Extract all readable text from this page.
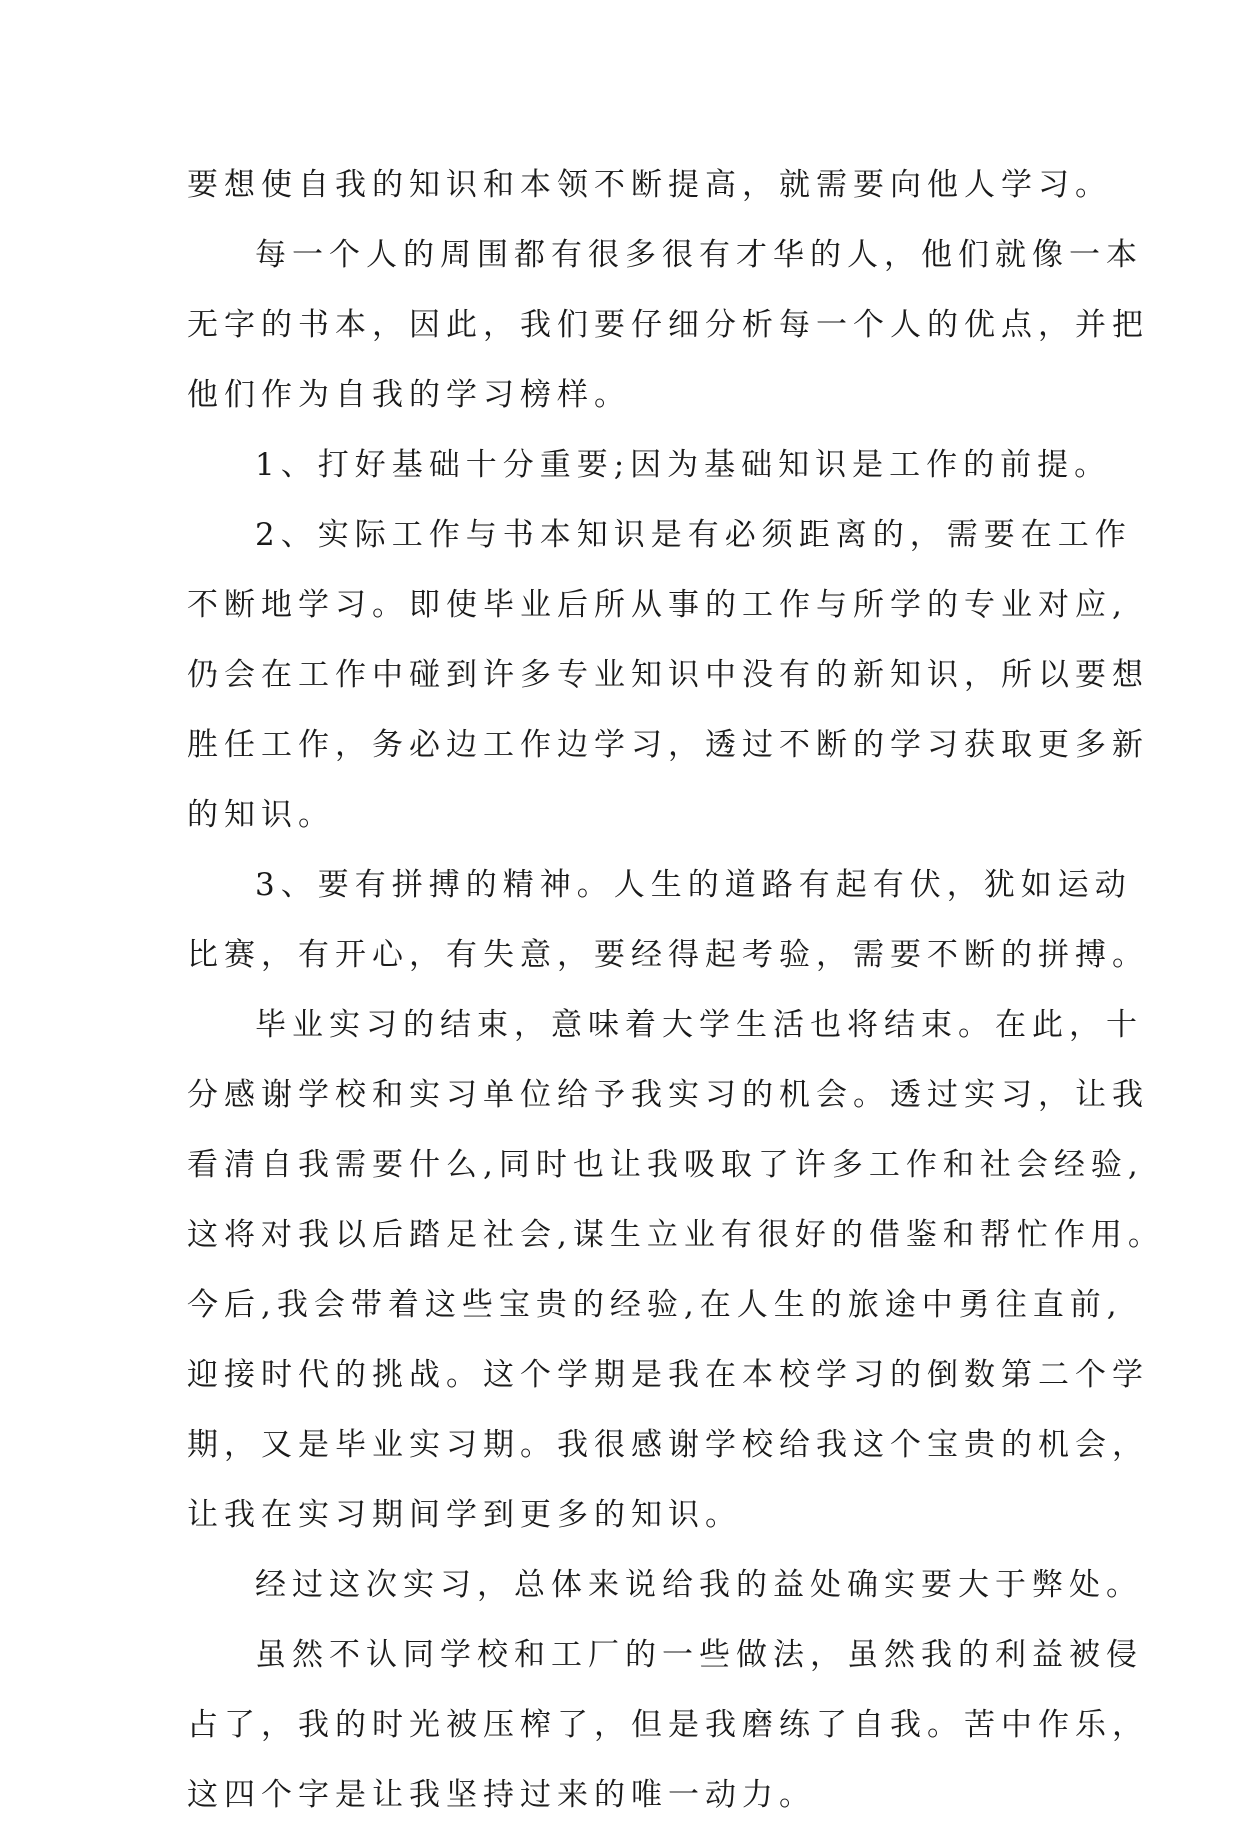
要想使自我的知识和本领不断提高，就需要向他人学习。
每一个人的周围都有很多很有才华的人，他们就像一本
无字的书本，因此，我们要仔细分析每一个人的优点，并把
他们作为自我的学习榜样。
1、打好基础十分重要;因为基础知识是工作的前提。
2、实际工作与书本知识是有必须距离的，需要在工作
不断地学习。即使毕业后所从事的工作与所学的专业对应,
仍会在工作中碰到许多专业知识中没有的新知识，所以要想
胜任工作，务必边工作边学习，透过不断的学习获取更多新
的知识。
3、要有拼搏的精神。人生的道路有起有伏，犹如运动
比赛，有开心，有失意，要经得起考验，需要不断的拼搏。
毕业实习的结束，意味着大学生活也将结束。在此，十
分感谢学校和实习单位给予我实习的机会。透过实习，让我
看清自我需要什么,同时也让我吸取了许多工作和社会经验,
这将对我以后踏足社会,谋生立业有很好的借鉴和帮忙作用。
今后,我会带着这些宝贵的经验,在人生的旅途中勇往直前,
迎接时代的挑战。这个学期是我在本校学习的倒数第二个学
期，又是毕业实习期。我很感谢学校给我这个宝贵的机会，
让我在实习期间学到更多的知识。
经过这次实习，总体来说给我的益处确实要大于弊处。
虽然不认同学校和工厂的一些做法，虽然我的利益被侵
占了，我的时光被压榨了，但是我磨练了自我。苦中作乐，
这四个字是让我坚持过来的唯一动力。
